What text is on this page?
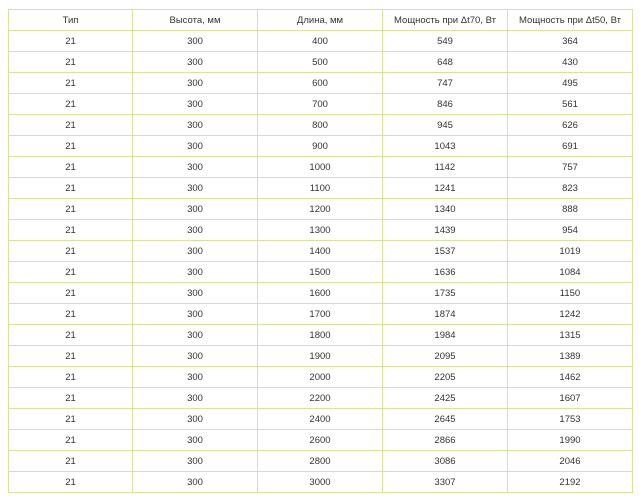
Тип	Высота, мм	Длина, мм	Мощность при Δt70, Вт	Мощность при Δt50, Вт
21	300	400	549	364
21	300	500	648	430
21	300	600	747	495
21	300	700	846	561
21	300	800	945	626
21	300	900	1043	691
21	300	1000	1142	757
21	300	1100	1241	823
21	300	1200	1340	888
21	300	1300	1439	954
21	300	1400	1537	1019
21	300	1500	1636	1084
21	300	1600	1735	1150
21	300	1700	1874	1242
21	300	1800	1984	1315
21	300	1900	2095	1389
21	300	2000	2205	1462
21	300	2200	2425	1607
21	300	2400	2645	1753
21	300	2600	2866	1990
21	300	2800	3086	2046
21	300	3000	3307	2192
